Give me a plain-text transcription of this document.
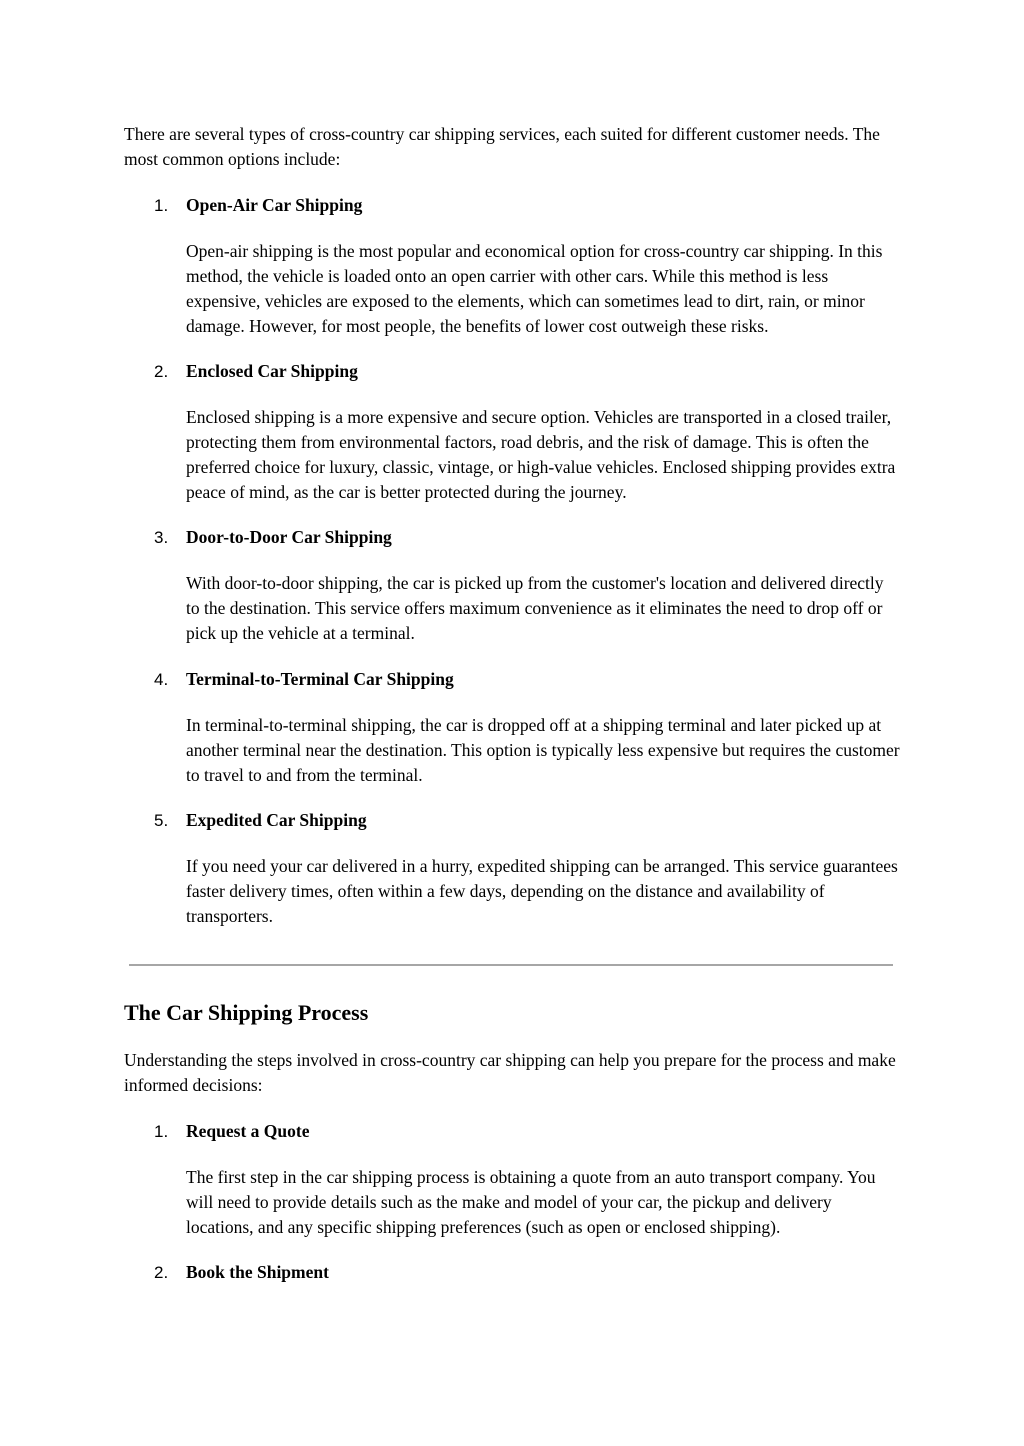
There are several types of cross-country car shipping services, each suited for different customer needs. The most common options include:

1. Open-Air Car Shipping

Open-air shipping is the most popular and economical option for cross-country car shipping. In this method, the vehicle is loaded onto an open carrier with other cars. While this method is less expensive, vehicles are exposed to the elements, which can sometimes lead to dirt, rain, or minor damage. However, for most people, the benefits of lower cost outweigh these risks.

2. Enclosed Car Shipping

Enclosed shipping is a more expensive and secure option. Vehicles are transported in a closed trailer, protecting them from environmental factors, road debris, and the risk of damage. This is often the preferred choice for luxury, classic, vintage, or high-value vehicles. Enclosed shipping provides extra peace of mind, as the car is better protected during the journey.

3. Door-to-Door Car Shipping

With door-to-door shipping, the car is picked up from the customer's location and delivered directly to the destination. This service offers maximum convenience as it eliminates the need to drop off or pick up the vehicle at a terminal.

4. Terminal-to-Terminal Car Shipping

In terminal-to-terminal shipping, the car is dropped off at a shipping terminal and later picked up at another terminal near the destination. This option is typically less expensive but requires the customer to travel to and from the terminal.

5. Expedited Car Shipping

If you need your car delivered in a hurry, expedited shipping can be arranged. This service guarantees faster delivery times, often within a few days, depending on the distance and availability of transporters.

The Car Shipping Process

Understanding the steps involved in cross-country car shipping can help you prepare for the process and make informed decisions:

1. Request a Quote

The first step in the car shipping process is obtaining a quote from an auto transport company. You will need to provide details such as the make and model of your car, the pickup and delivery locations, and any specific shipping preferences (such as open or enclosed shipping).

2. Book the Shipment
